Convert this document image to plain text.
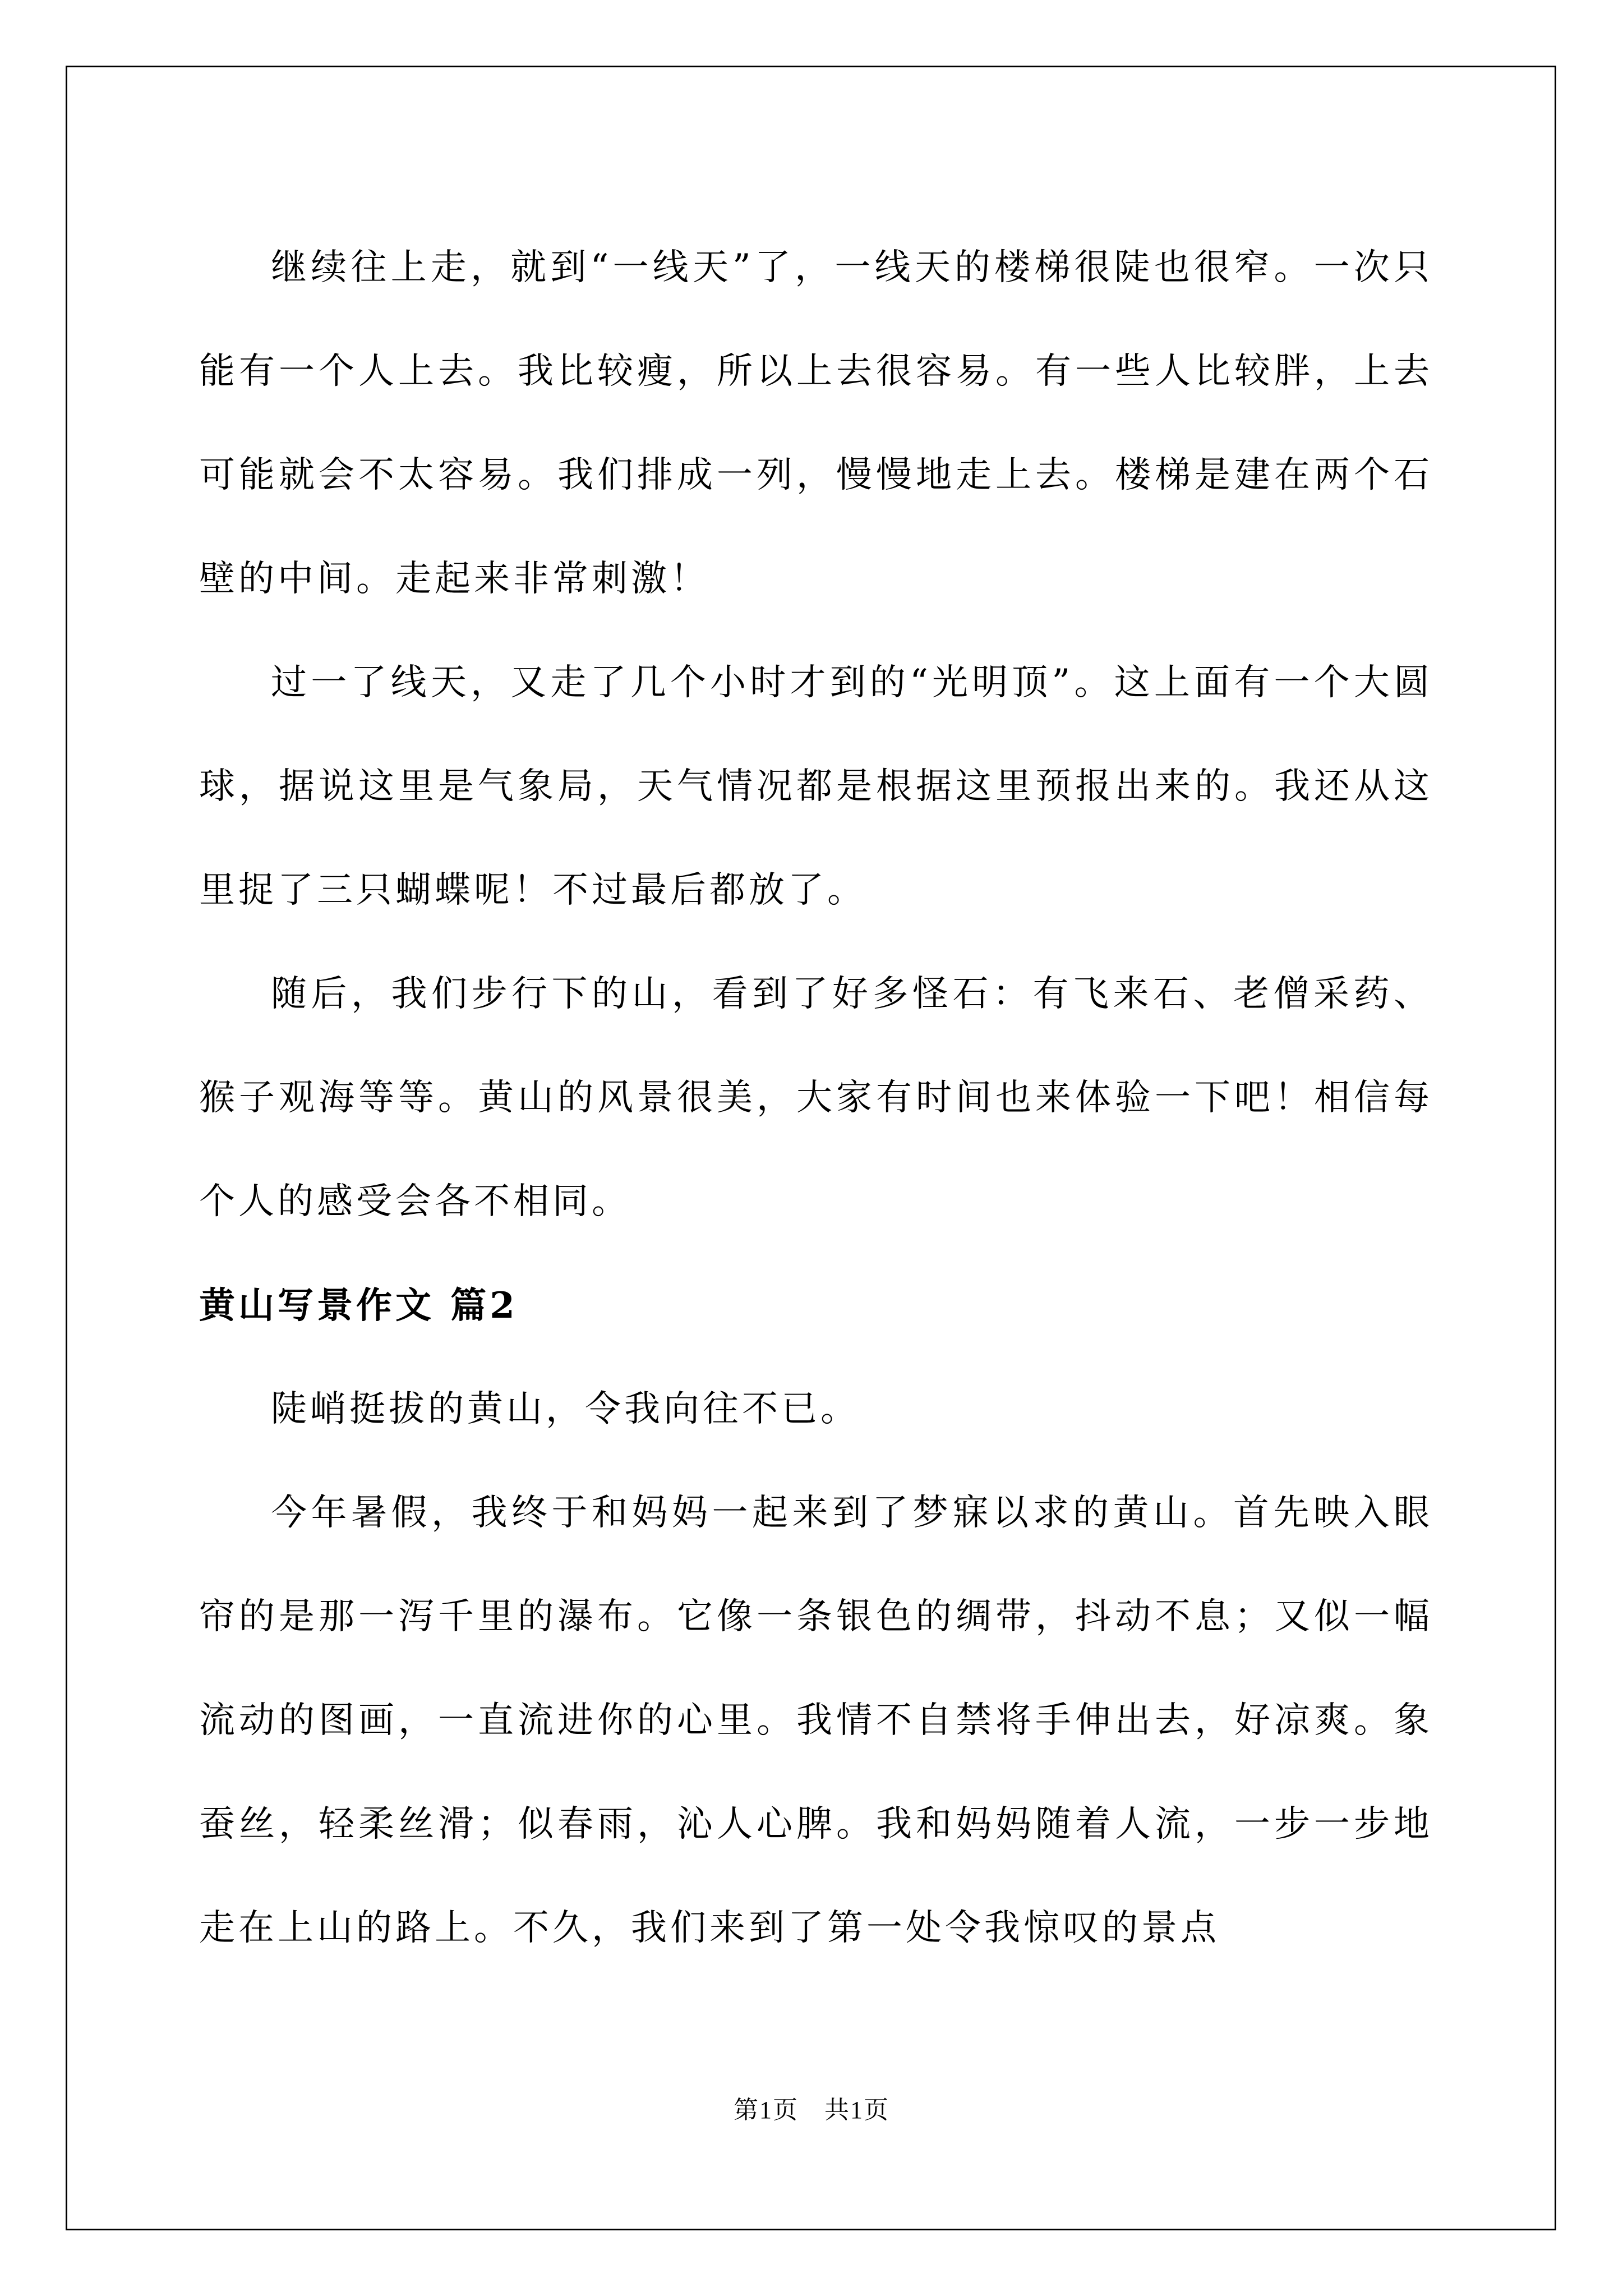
继续往上走，就到“一线天”了，一线天的楼梯很陡也很窄。一次只能有一个人上去。我比较瘦，所以上去很容易。有一些人比较胖，上去可能就会不太容易。我们排成一列，慢慢地走上去。楼梯是建在两个石壁的中间。走起来非常刺激！

过一了线天，又走了几个小时才到的“光明顶”。这上面有一个大圆球，据说这里是气象局，天气情况都是根据这里预报出来的。我还从这里捉了三只蝴蝶呢！不过最后都放了。

随后，我们步行下的山，看到了好多怪石：有飞来石、老僧采药、猴子观海等等。黄山的风景很美，大家有时间也来体验一下吧！相信每个人的感受会各不相同。

黄山写景作文 篇2

陡峭挺拔的黄山，令我向往不已。

今年暑假，我终于和妈妈一起来到了梦寐以求的黄山。首先映入眼帘的是那一泻千里的瀑布。它像一条银色的绸带，抖动不息；又似一幅流动的图画，一直流进你的心里。我情不自禁将手伸出去，好凉爽。象蚕丝，轻柔丝滑；似春雨，沁人心脾。我和妈妈随着人流，一步一步地走在上山的路上。不久，我们来到了第一处令我惊叹的景点

第1页　共1页
